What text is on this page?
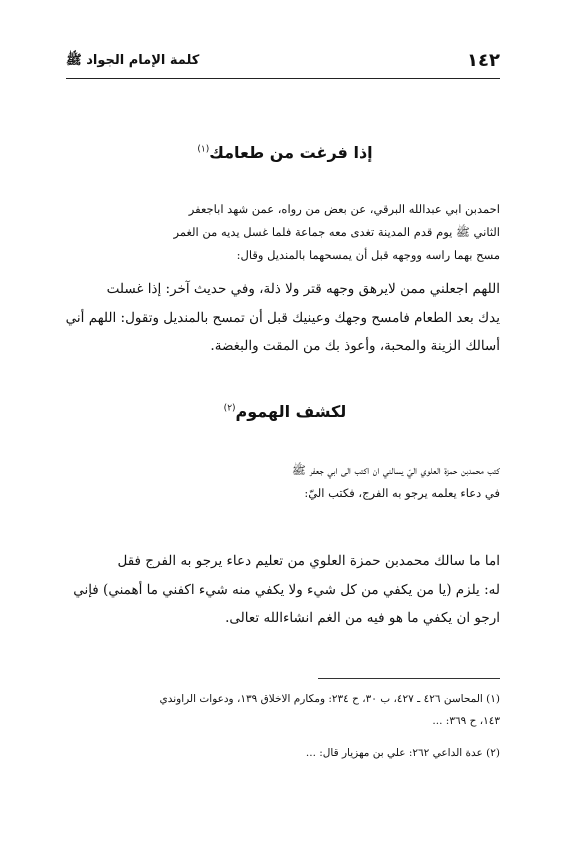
١٤٢
كلمة الإمام الجواد ﷺ
إذا فرغت من طعامك$^{(١)}$

احمدبن ابي عبدالله البرقي، عن بعض من رواه، عمن شهد اباجعفر
الثاني ﷺ يوم قدم المدينة تغدى معه جماعة فلما غسل يديه من الغمر
مسح بهما راسه ووجهه قبل أن يمسحهما بالمنديل وقال:

اللهم اجعلني ممن لايرهق وجهه قتر ولا ذلة، وفي حديث آخر: إذا غسلت
يدك بعد الطعام فامسح وجهك وعينيك قبل أن تمسح بالمنديل وتقول: اللهم أني
أسالك الزينة والمحبة، وأعوذ بك من المقت والبغضة.

لكشف الهموم$^{(٢)}$

كتب محمدبن حمزة العلوي اليّ يسالني ان اكتب الى ابي جعفر ﷺ
في دعاء يعلمه يرجو به الفرج، فكتب اليّ:

اما ما سالك محمدبن حمزة العلوي من تعليم دعاء يرجو به الفرج فقل
له: يلزم (يا من يكفي من كل شيء ولا يكفي منه شيء اكفني ما أهمني) فإني
ارجو ان يكفي ما هو فيه من الغم انشاءالله تعالى.

(١) المحاسن ٤٢٦ ـ ٤٢٧، ب ٣٠، ح ٢٣٤: ومكارم الاخلاق ١٣٩، ودعوات الراوندي
١٤٣، ح ٣٦٩: ...

(٢) عدة الداعي ٢٦٢: علي بن مهزيار قال: ...
